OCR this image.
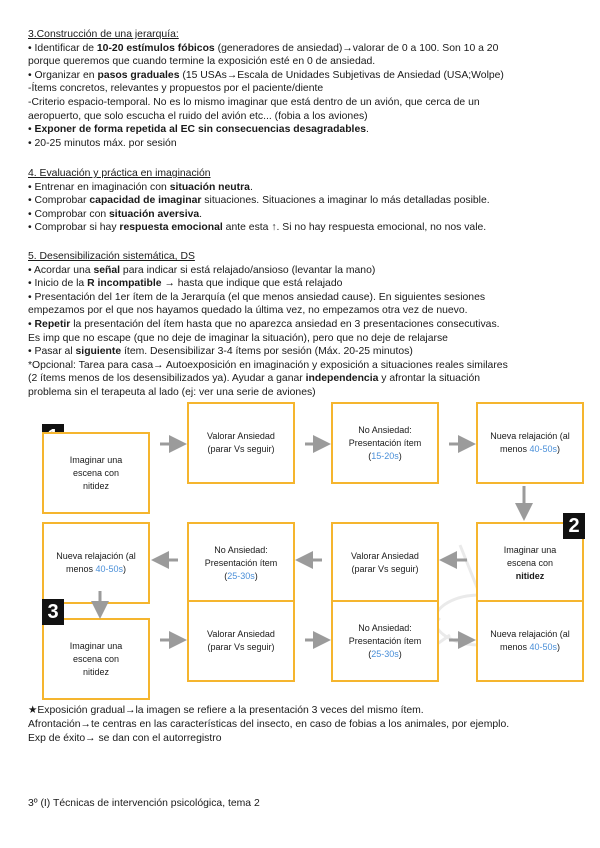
3.Construcción de una jerarquía:

• Identificar de 10-20 estímulos fóbicos (generadores de ansiedad)→valorar de 0 a 100. Son 10 a 20

porque queremos que cuando termine la exposición esté en 0 de ansiedad.

• Organizar en pasos graduales (15 USAs→Escala de Unidades Subjetivas de Ansiedad (USA;Wolpe)

-Ítems concretos, relevantes y propuestos por el paciente/diente

-Criterio espacio-temporal. No es lo mismo imaginar que está dentro de un avión, que cerca de un

aeropuerto, que solo escucha el ruido del avión etc... (fobia a los aviones)

• Exponer de forma repetida al EC sin consecuencias desagradables.

• 20-25 minutos máx. por sesión

4. Evaluación y práctica en imaginación

• Entrenar en imaginación con situación neutra.

• Comprobar capacidad de imaginar situaciones. Situaciones a imaginar lo más detalladas posible.

• Comprobar con situación aversiva.

• Comprobar si hay respuesta emocional ante esta ↑. Si no hay respuesta emocional, no nos vale.

5. Desensibilización sistemática, DS

• Acordar una señal para indicar si está relajado/ansioso (levantar la mano)

• Inicio de la R incompatible → hasta que indique que está relajado

• Presentación del 1er ítem de la Jerarquía (el que menos ansiedad cause). En siguientes sesiones

empezamos por el que nos hayamos quedado la última vez, no empezamos otra vez de nuevo.

• Repetir la presentación del ítem hasta que no aparezca ansiedad en 3 presentaciones consecutivas.

Es imp que no escape (que no deje de imaginar la situación), pero que no deje de relajarse

• Pasar al siguiente ítem. Desensibilizar 3-4 ítems por sesión (Máx. 20-25 minutos)

*Opcional: Tarea para casa→ Autoexposición en imaginación y exposición a situaciones reales similares

(2 ítems menos de los desensibilizados ya). Ayudar a ganar independencia y afrontar la situación

problema sin el terapeuta al lado (ej: ver una serie de aviones)

Imaginar una
escena con
nitidez
Valorar Ansiedad
(parar Vs seguir)
No Ansiedad:
Presentación ítem
(15-20s)
Nueva relajación (al
menos 40-50s)
Nueva relajación (al
menos 40-50s)
No Ansiedad:
Presentación ítem
(25-30s)
Valorar Ansiedad
(parar Vs seguir)
Imaginar una
escena con
nitidez
2
Imaginar una
escena con
nitidez
3
Valorar Ansiedad
(parar Vs seguir)
No Ansiedad:
Presentación ítem
(25-30s)
Nueva relajación (al
menos 40-50s)

★Exposición gradual→la imagen se refiere a la presentación 3 veces del mismo ítem.

Afrontación→te centras en las características del insecto, en caso de fobias a los animales, por ejemplo.

Exp de éxito→ se dan con el autorregistro

3º (I) Técnicas de intervención psicológica, tema 2
